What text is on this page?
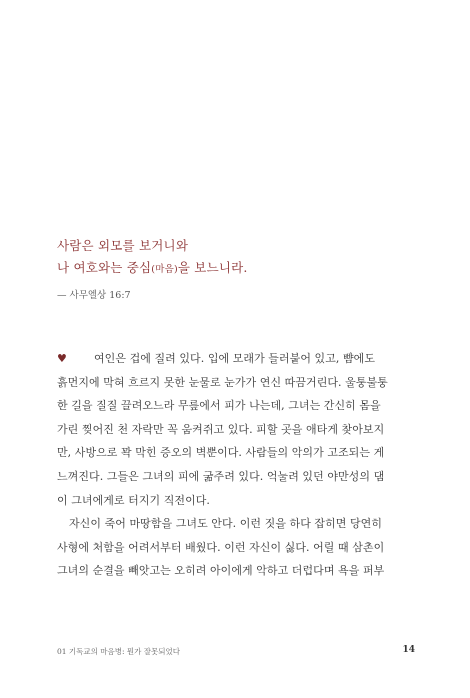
사람은 외모를 보거니와
나 여호와는 중심(마음)을 보느니라.
— 사무엘상 16:7
♥ 여인은 겁에 질려 있다. 입에 모래가 들러붙어 있고, 뺨에도
흙먼지에 막혀 흐르지 못한 눈물로 눈가가 연신 따끔거린다. 울퉁불퉁
한 길을 질질 끌려오느라 무릎에서 피가 나는데, 그녀는 간신히 몸을
가린 찢어진 천 자락만 꼭 움켜쥐고 있다. 피할 곳을 애타게 찾아보지
만, 사방으로 꽉 막힌 증오의 벽뿐이다. 사람들의 악의가 고조되는 게
느껴진다. 그들은 그녀의 피에 굶주려 있다. 억눌려 있던 야만성의 댐
이 그녀에게로 터지기 직전이다.
자신이 죽어 마땅함을 그녀도 안다. 이런 짓을 하다 잡히면 당연히
사형에 처함을 어려서부터 배웠다. 이런 자신이 싫다. 어릴 때 삼촌이
그녀의 순결을 빼앗고는 오히려 아이에게 악하고 더럽다며 욕을 퍼부
01 기독교의 마음병: 뭔가 잘못되었다	14
